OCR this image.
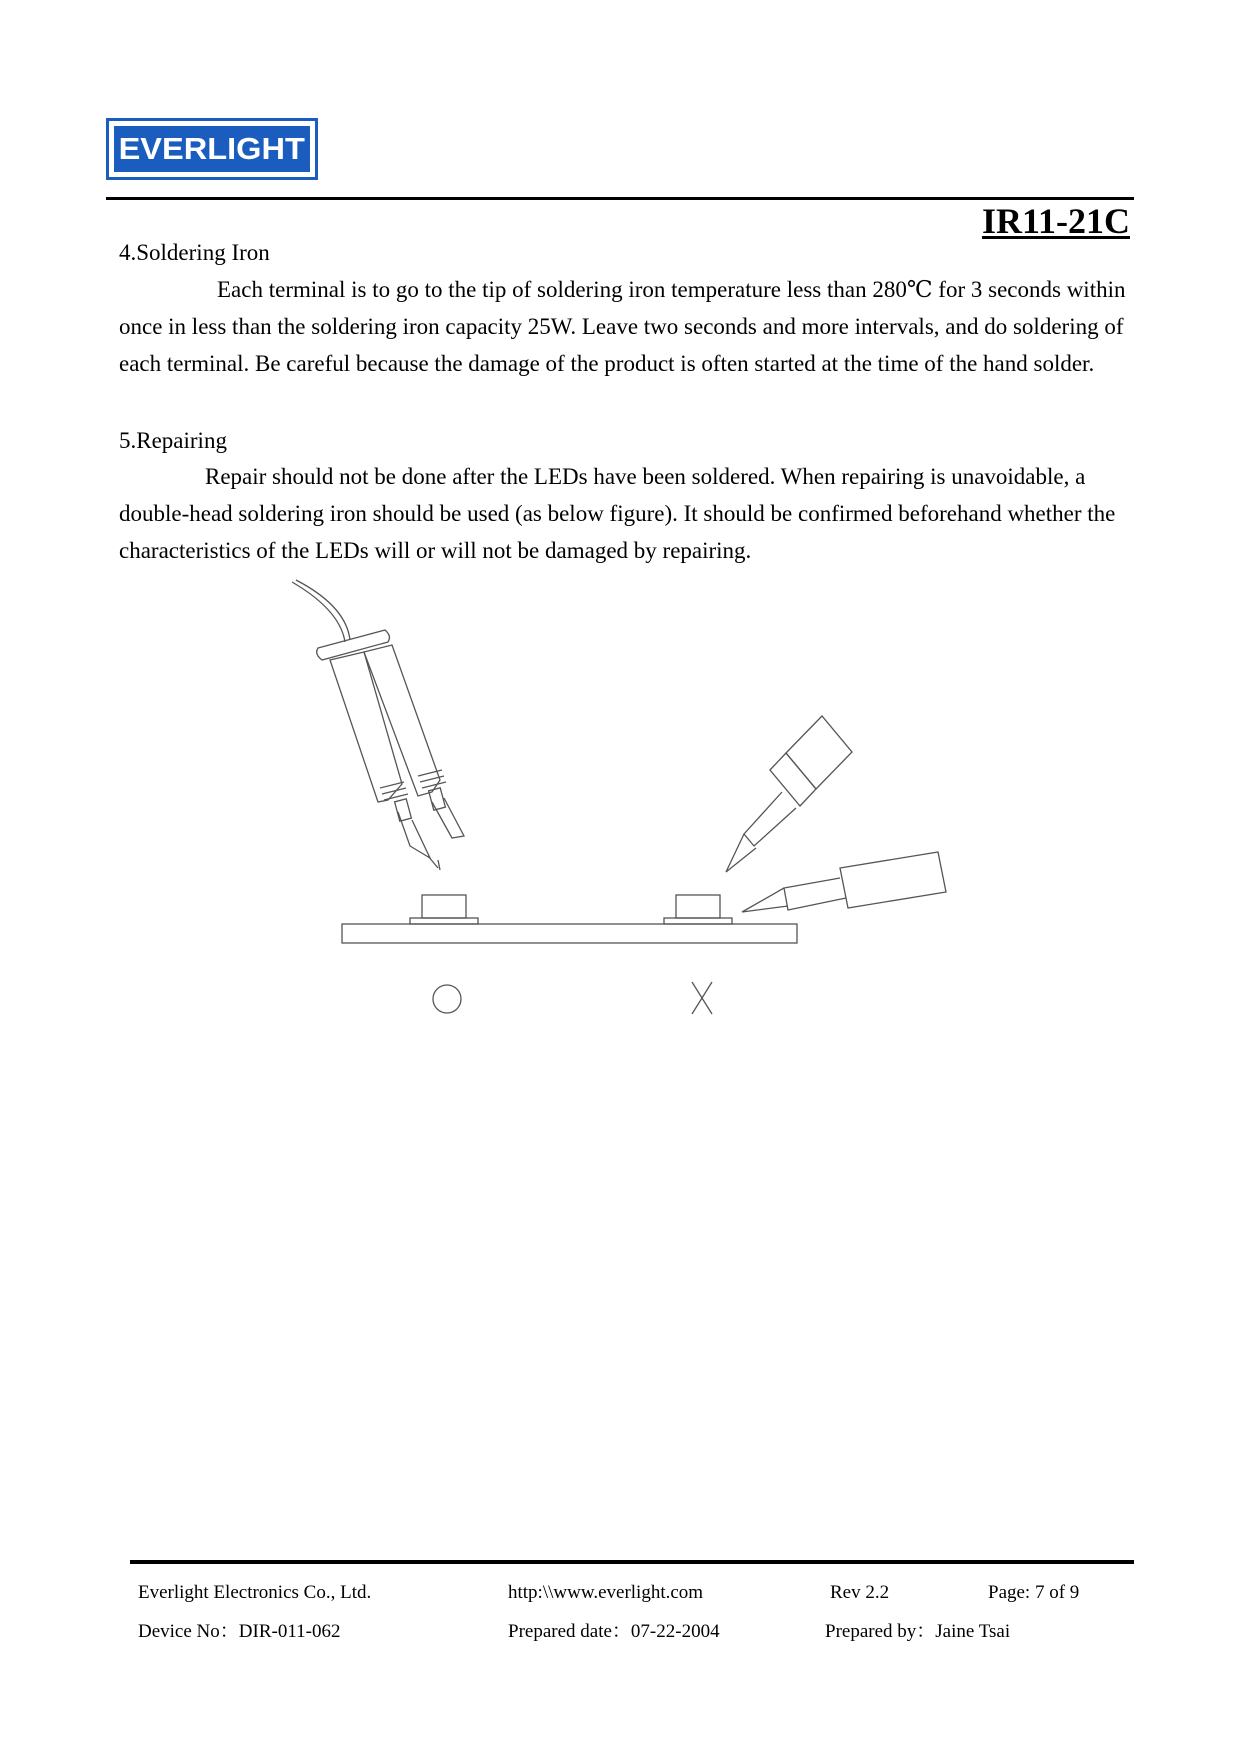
EVERLIGHT
IR11-21C
4.Soldering Iron

Each terminal is to go to the tip of soldering iron temperature less than 280℃ for 3 seconds within once in less than the soldering iron capacity 25W. Leave two seconds and more intervals, and do soldering of each terminal. Be careful because the damage of the product is often started at the time of the hand solder.

5.Repairing

Repair should not be done after the LEDs have been soldered. When repairing is unavoidable, a double-head soldering iron should be used (as below figure). It should be confirmed beforehand whether the characteristics of the LEDs will or will not be damaged by repairing.

Everlight Electronics Co., Ltd.	http:\\www.everlight.com	Rev 2.2	Page: 7 of 9
Device No：DIR-011-062	Prepared date：07-22-2004	Prepared by：Jaine Tsai
